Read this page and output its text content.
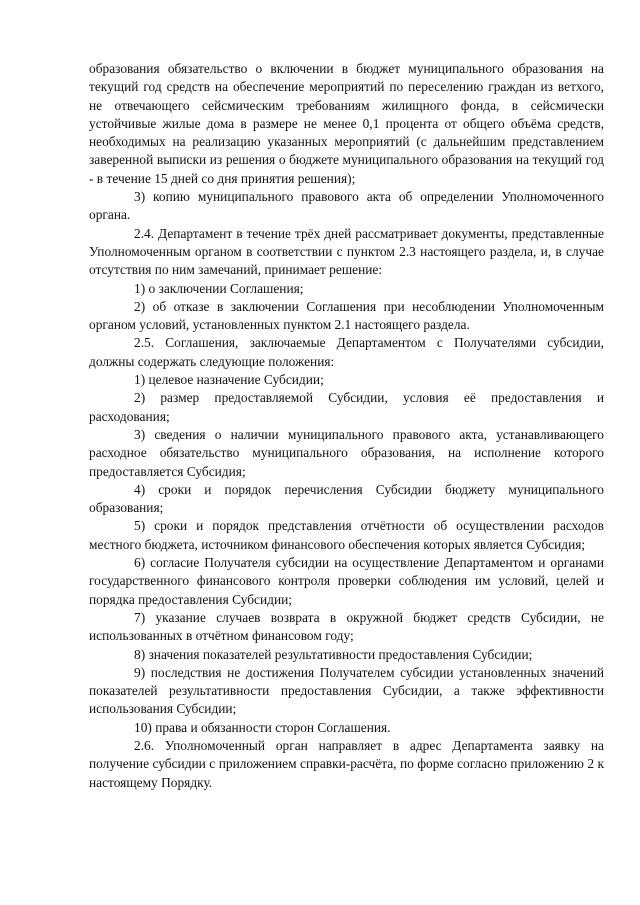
образования обязательство о включении в бюджет муниципального образования на текущий год средств на обеспечение мероприятий по переселению граждан из ветхого, не отвечающего сейсмическим требованиям жилищного фонда, в сейсмически устойчивые жилые дома в размере не менее 0,1 процента от общего объёма средств, необходимых на реализацию указанных мероприятий (с дальнейшим представлением заверенной выписки из решения о бюджете муниципального образования на текущий год - в течение 15 дней со дня принятия решения);

3) копию муниципального правового акта об определении Уполномоченного органа.

2.4. Департамент в течение трёх дней рассматривает документы, представленные Уполномоченным органом в соответствии с пунктом 2.3 настоящего раздела, и, в случае отсутствия по ним замечаний, принимает решение:

1) о заключении Соглашения;

2) об отказе в заключении Соглашения при несоблюдении Уполномоченным органом условий, установленных пунктом 2.1 настоящего раздела.

2.5. Соглашения, заключаемые Департаментом с Получателями субсидии, должны содержать следующие положения:

1) целевое назначение Субсидии;

2) размер предоставляемой Субсидии, условия её предоставления и расходования;

3) сведения о наличии муниципального правового акта, устанавливающего расходное обязательство муниципального образования, на исполнение которого предоставляется Субсидия;

4) сроки и порядок перечисления Субсидии бюджету муниципального образования;

5) сроки и порядок представления отчётности об осуществлении расходов местного бюджета, источником финансового обеспечения которых является Субсидия;

6) согласие Получателя субсидии на осуществление Департаментом и органами государственного финансового контроля проверки соблюдения им условий, целей и порядка предоставления Субсидии;

7) указание случаев возврата в окружной бюджет средств Субсидии, не использованных в отчётном финансовом году;

8) значения показателей результативности предоставления Субсидии;

9) последствия не достижения Получателем субсидии установленных значений показателей результативности предоставления Субсидии, а также эффективности использования Субсидии;

10) права и обязанности сторон Соглашения.

2.6. Уполномоченный орган направляет в адрес Департамента заявку на получение субсидии с приложением справки-расчёта, по форме согласно приложению 2 к настоящему Порядку.
